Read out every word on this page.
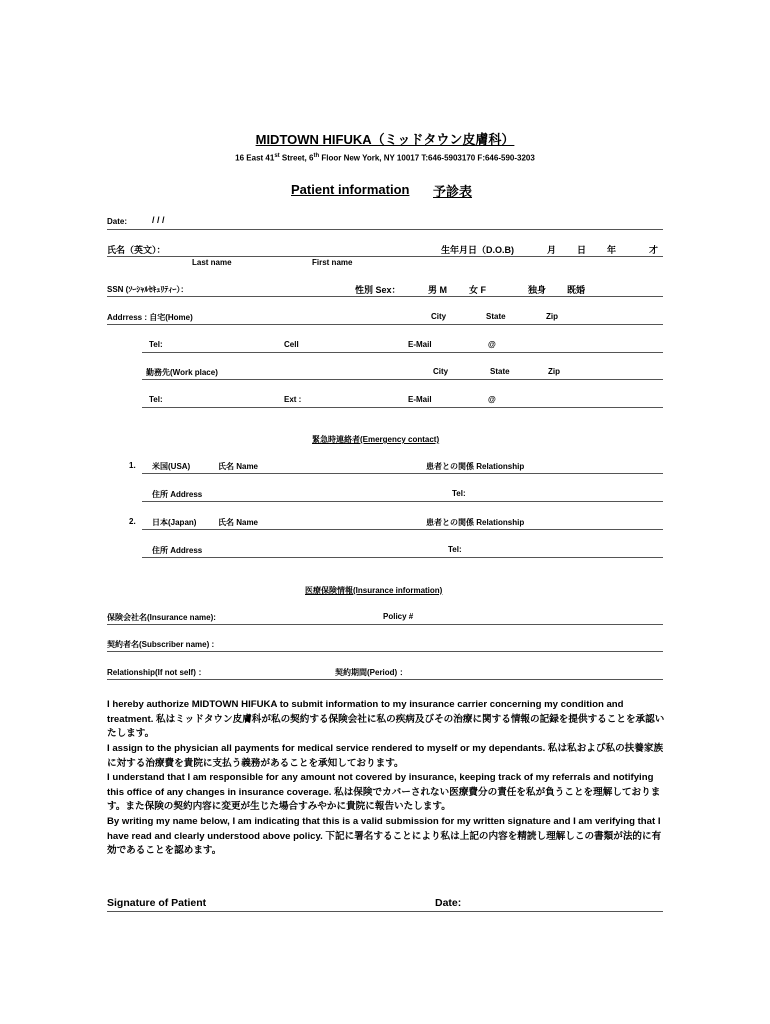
MIDTOWN HIFUKA（ミッドタウン皮膚科）
16 East 41st Street, 6th Floor New York, NY 10017 T:646-5903170 F:646-590-3203
Patient information 予診表
Date:	/ / /
氏名（英文）：	生年月日（D.O.B)	月 日 年	才
Last name	First name
SSN (ｿｰｼｬﾙｾｷｭﾘﾃｨｰ）：	性別 Sex：	男 M 女 F	独身 既婚
Addrress : 自宅(Home)	City	State	Zip
Tel:	Cell	E-Mail	@
勤務先(Work place)	City	State	Zip
Tel:	Ext :	E-Mail	@
緊急時連絡者(Emergency contact)
1. 米国(USA)	氏名 Name	患者との関係 Relationship
住所 Address	Tel:
2. 日本(Japan)	氏名 Name	患者との関係 Relationship
住所 Address	Tel:
医療保険情報(Insurance information)
保険会社名(Insurance name):	Policy #
契約者名(Subscriber name) :
Relationship(If not self) ：	契約期間(Period) ：
I hereby authorize MIDTOWN HIFUKA to submit information to my insurance carrier concerning my condition and treatment. 私はミッドタウン皮膚科が私の契約する保険会社に私の疾病及びその治療に関する情報の記録を提供することを承認いたします。
I assign to the physician all payments for medical service rendered to myself or my dependants. 私は私および私の扶養家族に対する治療費を貴院に支払う義務があることを承知しております。
I understand that I am responsible for any amount not covered by insurance, keeping track of my referrals and notifying this office of any changes in insurance coverage. 私は保険でカバーされない医療費分の責任を私が負うことを理解しております。また保険の契約内容に変更が生じた場合すみやかに貴院に報告いたします。
By writing my name below, I am indicating that this is a valid submission for my written signature and I am verifying that I have read and clearly understood above policy. 下記に署名することにより私は上記の内容を精読し理解しこの書類が法的に有効であることを認めます。
Signature of Patient	Date:
